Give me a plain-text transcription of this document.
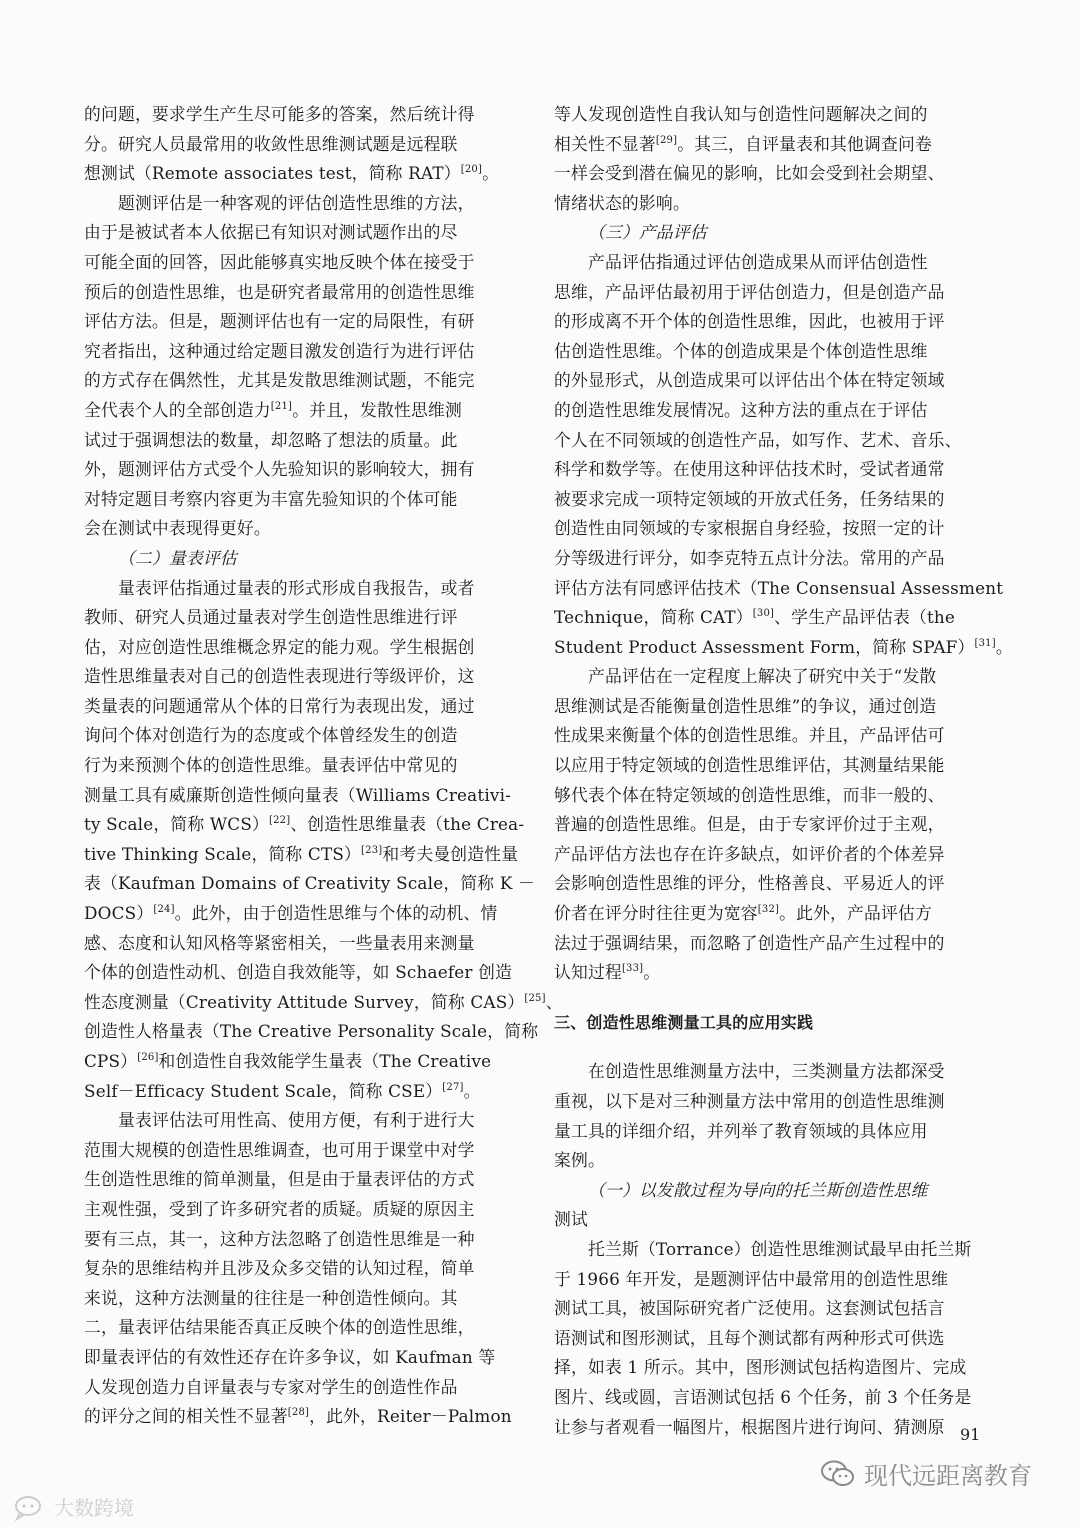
的问题，要求学生产生尽可能多的答案，然后统计得
分。研究人员最常用的收敛性思维测试题是远程联
想测试（Remote associates test，简称 RAT）[20]。
题测评估是一种客观的评估创造性思维的方法，
由于是被试者本人依据已有知识对测试题作出的尽
可能全面的回答，因此能够真实地反映个体在接受于
预后的创造性思维，也是研究者最常用的创造性思维
评估方法。但是，题测评估也有一定的局限性，有研
究者指出，这种通过给定题目激发创造行为进行评估
的方式存在偶然性，尤其是发散思维测试题，不能完
全代表个人的全部创造力[21]。并且，发散性思维测
试过于强调想法的数量，却忽略了想法的质量。此
外，题测评估方式受个人先验知识的影响较大，拥有
对特定题目考察内容更为丰富先验知识的个体可能
会在测试中表现得更好。
（二）量表评估
量表评估指通过量表的形式形成自我报告，或者
教师、研究人员通过量表对学生创造性思维进行评
估，对应创造性思维概念界定的能力观。学生根据创
造性思维量表对自己的创造性表现进行等级评价，这
类量表的问题通常从个体的日常行为表现出发，通过
询问个体对创造行为的态度或个体曾经发生的创造
行为来预测个体的创造性思维。量表评估中常见的
测量工具有威廉斯创造性倾向量表（Williams Creativi-
ty Scale，简称 WCS）[22]、创造性思维量表（the Crea-
tive Thinking Scale，简称 CTS）[23]和考夫曼创造性量
表（Kaufman Domains of Creativity Scale，简称 K －
DOCS）[24]。此外，由于创造性思维与个体的动机、情
感、态度和认知风格等紧密相关，一些量表用来测量
个体的创造性动机、创造自我效能等，如 Schaefer 创造
性态度测量（Creativity Attitude Survey，简称 CAS）[25]、
创造性人格量表（The Creative Personality Scale，简称
CPS）[26]和创造性自我效能学生量表（The Creative
Self－Efficacy Student Scale，简称 CSE）[27]。
量表评估法可用性高、使用方便，有利于进行大
范围大规模的创造性思维调查，也可用于课堂中对学
生创造性思维的简单测量，但是由于量表评估的方式
主观性强，受到了许多研究者的质疑。质疑的原因主
要有三点，其一，这种方法忽略了创造性思维是一种
复杂的思维结构并且涉及众多交错的认知过程，简单
来说，这种方法测量的往往是一种创造性倾向。其
二，量表评估结果能否真正反映个体的创造性思维，
即量表评估的有效性还存在许多争议，如 Kaufman 等
人发现创造力自评量表与专家对学生的创造性作品
的评分之间的相关性不显著[28]，此外，Reiter－Palmon
等人发现创造性自我认知与创造性问题解决之间的
相关性不显著[29]。其三，自评量表和其他调查问卷
一样会受到潜在偏见的影响，比如会受到社会期望、
情绪状态的影响。
（三）产品评估
产品评估指通过评估创造成果从而评估创造性
思维，产品评估最初用于评估创造力，但是创造产品
的形成离不开个体的创造性思维，因此，也被用于评
估创造性思维。个体的创造成果是个体创造性思维
的外显形式，从创造成果可以评估出个体在特定领域
的创造性思维发展情况。这种方法的重点在于评估
个人在不同领域的创造性产品，如写作、艺术、音乐、
科学和数学等。在使用这种评估技术时，受试者通常
被要求完成一项特定领域的开放式任务，任务结果的
创造性由同领域的专家根据自身经验，按照一定的计
分等级进行评分，如李克特五点计分法。常用的产品
评估方法有同感评估技术（The Consensual Assessment
Technique，简称 CAT）[30]、学生产品评估表（the
Student Product Assessment Form，简称 SPAF）[31]。
产品评估在一定程度上解决了研究中关于“发散
思维测试是否能衡量创造性思维”的争议，通过创造
性成果来衡量个体的创造性思维。并且，产品评估可
以应用于特定领域的创造性思维评估，其测量结果能
够代表个体在特定领域的创造性思维，而非一般的、
普遍的创造性思维。但是，由于专家评价过于主观，
产品评估方法也存在许多缺点，如评价者的个体差异
会影响创造性思维的评分，性格善良、平易近人的评
价者在评分时往往更为宽容[32]。此外，产品评估方
法过于强调结果，而忽略了创造性产品产生过程中的
认知过程[33]。
三、创造性思维测量工具的应用实践
在创造性思维测量方法中，三类测量方法都深受
重视，以下是对三种测量方法中常用的创造性思维测
量工具的详细介绍，并列举了教育领域的具体应用
案例。
（一）以发散过程为导向的托兰斯创造性思维
测试
托兰斯（Torrance）创造性思维测试最早由托兰斯
于 1966 年开发，是题测评估中最常用的创造性思维
测试工具，被国际研究者广泛使用。这套测试包括言
语测试和图形测试，且每个测试都有两种形式可供选
择，如表 1 所示。其中，图形测试包括构造图片、完成
图片、线或圆，言语测试包括 6 个任务，前 3 个任务是
让参与者观看一幅图片，根据图片进行询问、猜测原 91
大数跨境
现代远距离教育
